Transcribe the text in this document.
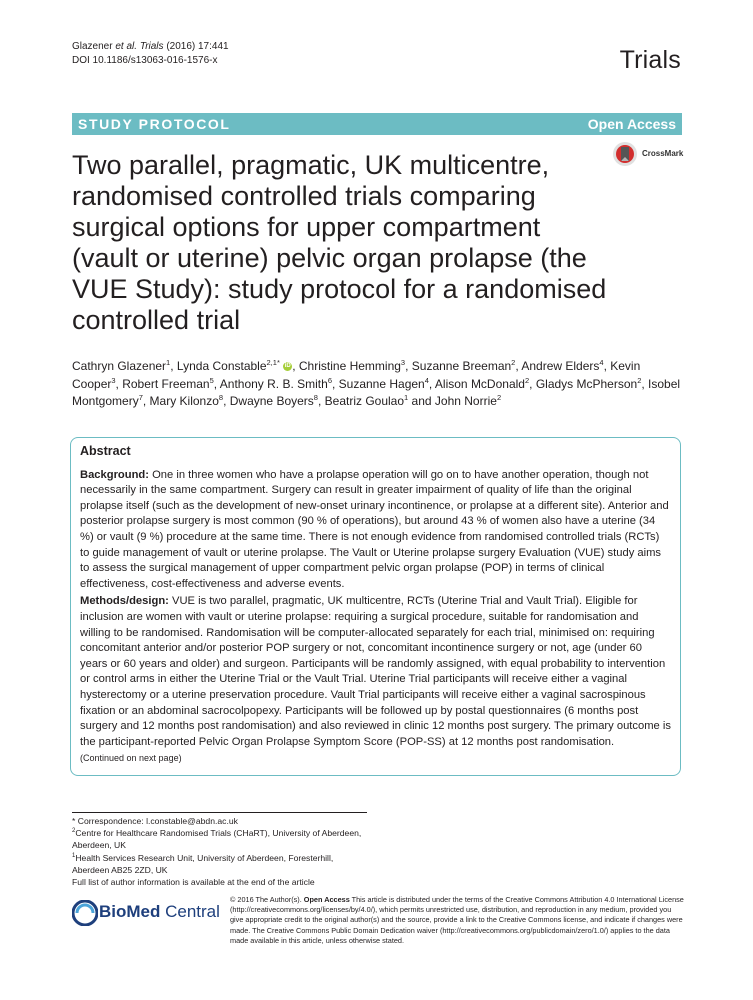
Glazener et al. Trials (2016) 17:441
DOI 10.1186/s13063-016-1576-x	Trials
STUDY PROTOCOL	Open Access
CrossMark
Two parallel, pragmatic, UK multicentre, randomised controlled trials comparing surgical options for upper compartment (vault or uterine) pelvic organ prolapse (the VUE Study): study protocol for a randomised controlled trial
Cathryn Glazener$^1$, Lynda Constable$^{2,1*}$ iD , Christine Hemming$^3$, Suzanne Breeman$^2$, Andrew Elders$^4$, Kevin Cooper$^3$, Robert Freeman$^5$, Anthony R. B. Smith$^6$, Suzanne Hagen$^4$, Alison McDonald$^2$, Gladys McPherson$^2$, Isobel Montgomery$^7$, Mary Kilonzo$^8$, Dwayne Boyers$^8$, Beatriz Goulao$^1$ and John Norrie$^2$
Abstract

Background: One in three women who have a prolapse operation will go on to have another operation, though not necessarily in the same compartment. Surgery can result in greater impairment of quality of life than the original prolapse itself (such as the development of new-onset urinary incontinence, or prolapse at a different site). Anterior and posterior prolapse surgery is most common (90 % of operations), but around 43 % of women also have a uterine (34 %) or vault (9 %) procedure at the same time. There is not enough evidence from randomised controlled trials (RCTs) to guide management of vault or uterine prolapse. The Vault or Uterine prolapse surgery Evaluation (VUE) study aims to assess the surgical management of upper compartment pelvic organ prolapse (POP) in terms of clinical effectiveness, cost-effectiveness and adverse events.

Methods/design: VUE is two parallel, pragmatic, UK multicentre, RCTs (Uterine Trial and Vault Trial). Eligible for inclusion are women with vault or uterine prolapse: requiring a surgical procedure, suitable for randomisation and willing to be randomised. Randomisation will be computer-allocated separately for each trial, minimised on: requiring concomitant anterior and/or posterior POP surgery or not, concomitant incontinence surgery or not, age (under 60 years or 60 years and older) and surgeon. Participants will be randomly assigned, with equal probability to intervention or control arms in either the Uterine Trial or the Vault Trial. Uterine Trial participants will receive either a vaginal hysterectomy or a uterine preservation procedure. Vault Trial participants will receive either a vaginal sacrospinous fixation or an abdominal sacrocolpopexy. Participants will be followed up by postal questionnaires (6 months post surgery and 12 months post randomisation) and also reviewed in clinic 12 months post surgery. The primary outcome is the participant-reported Pelvic Organ Prolapse Symptom Score (POP-SS) at 12 months post randomisation.

(Continued on next page)
* Correspondence: l.constable@abdn.ac.uk
$^2$Centre for Healthcare Randomised Trials (CHaRT), University of Aberdeen, Aberdeen, UK
$^1$Health Services Research Unit, University of Aberdeen, Foresterhill, Aberdeen AB25 2ZD, UK
Full list of author information is available at the end of the article
BioMed Central
© 2016 The Author(s). Open Access This article is distributed under the terms of the Creative Commons Attribution 4.0 International License (http://creativecommons.org/licenses/by/4.0/), which permits unrestricted use, distribution, and reproduction in any medium, provided you give appropriate credit to the original author(s) and the source, provide a link to the Creative Commons license, and indicate if changes were made. The Creative Commons Public Domain Dedication waiver (http://creativecommons.org/publicdomain/zero/1.0/) applies to the data made available in this article, unless otherwise stated.
